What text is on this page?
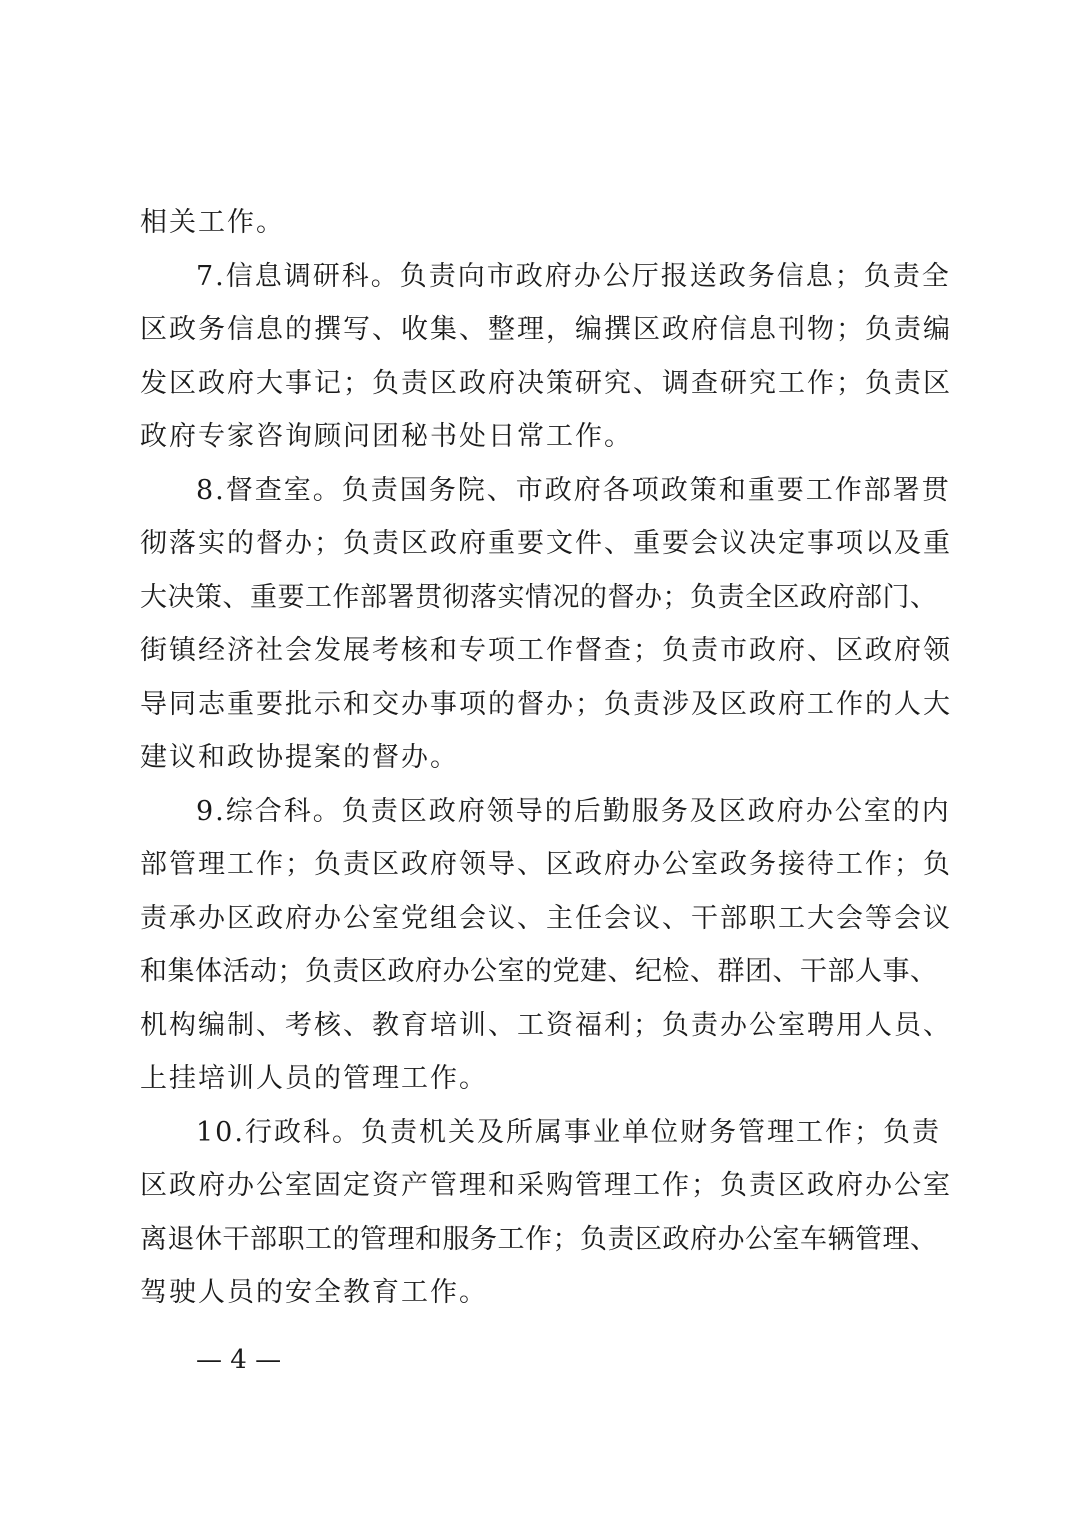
相关工作。
7.信息调研科。负责向市政府办公厅报送政务信息；负责全
区政务信息的撰写、收集、整理，编撰区政府信息刊物；负责编
发区政府大事记；负责区政府决策研究、调查研究工作；负责区
政府专家咨询顾问团秘书处日常工作。
8.督查室。负责国务院、市政府各项政策和重要工作部署贯
彻落实的督办；负责区政府重要文件、重要会议决定事项以及重
大决策、重要工作部署贯彻落实情况的督办；负责全区政府部门、
街镇经济社会发展考核和专项工作督查；负责市政府、区政府领
导同志重要批示和交办事项的督办；负责涉及区政府工作的人大
建议和政协提案的督办。
9.综合科。负责区政府领导的后勤服务及区政府办公室的内
部管理工作；负责区政府领导、区政府办公室政务接待工作；负
责承办区政府办公室党组会议、主任会议、干部职工大会等会议
和集体活动；负责区政府办公室的党建、纪检、群团、干部人事、
机构编制、考核、教育培训、工资福利；负责办公室聘用人员、
上挂培训人员的管理工作。
10.行政科。负责机关及所属事业单位财务管理工作；负责
区政府办公室固定资产管理和采购管理工作；负责区政府办公室
离退休干部职工的管理和服务工作；负责区政府办公室车辆管理、
驾驶人员的安全教育工作。
— 4 —
